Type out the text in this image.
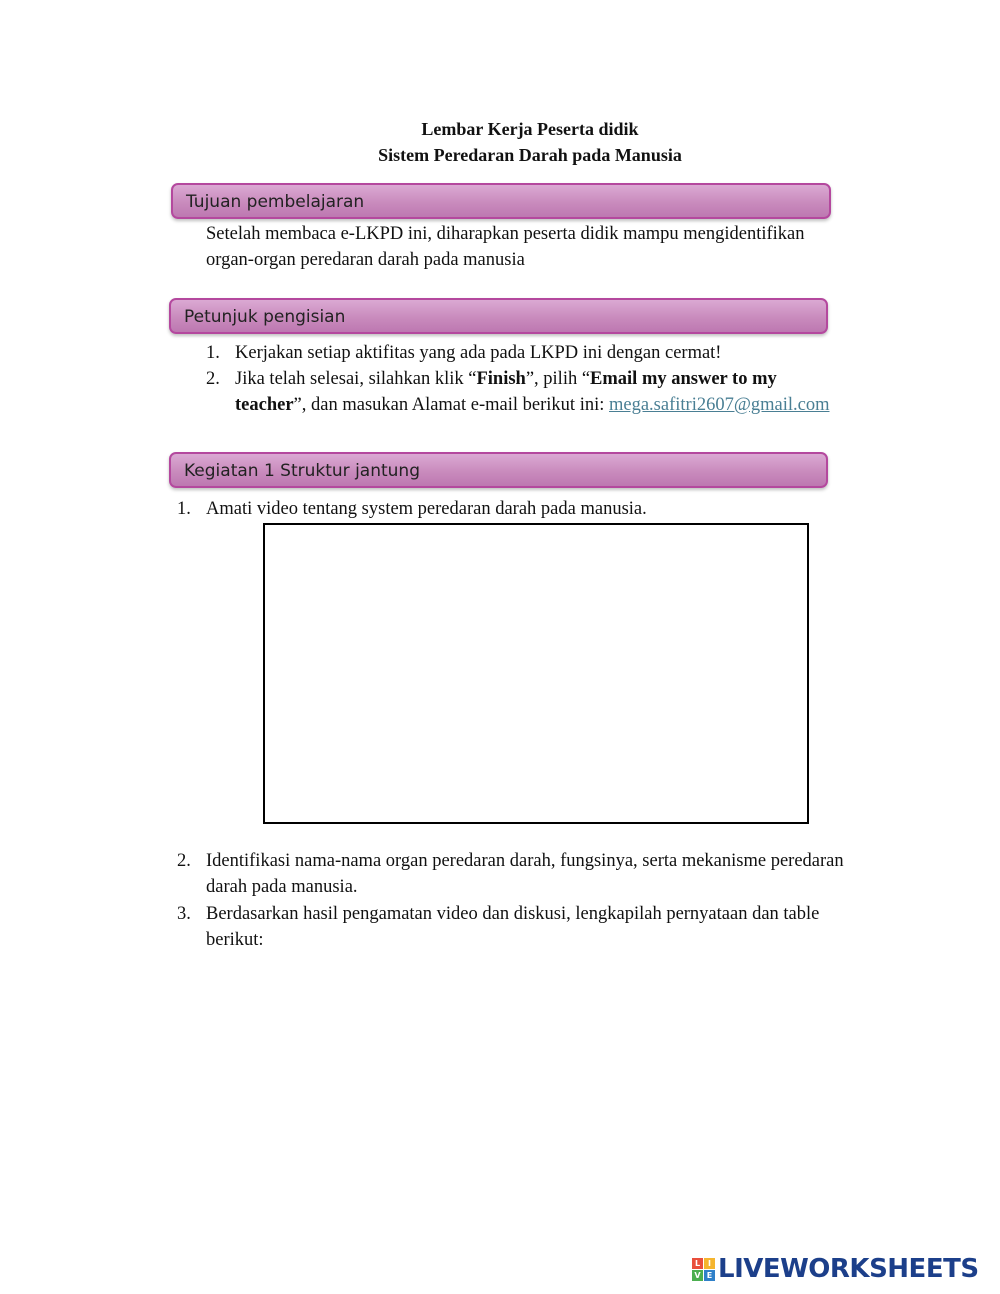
Lembar Kerja Peserta didik
Sistem Peredaran Darah pada Manusia
Tujuan pembelajaran
Setelah membaca e-LKPD ini, diharapkan peserta didik mampu mengidentifikan
organ-organ peredaran darah pada manusia
Petunjuk pengisian
1. Kerjakan setiap aktifitas yang ada pada LKPD ini dengan cermat!
2. Jika telah selesai, silahkan klik “Finish”, pilih “Email my answer to my
teacher”, dan masukan Alamat e-mail berikut ini: mega.safitri2607@gmail.com
Kegiatan 1 Struktur jantung
1. Amati video tentang system peredaran darah pada manusia.
2. Identifikasi nama-nama organ peredaran darah, fungsinya, serta mekanisme peredaran
darah pada manusia.
3. Berdasarkan hasil pengamatan video dan diskusi, lengkapilah pernyataan dan table
berikut:
L I
V E LIVEWORKSHEETS
